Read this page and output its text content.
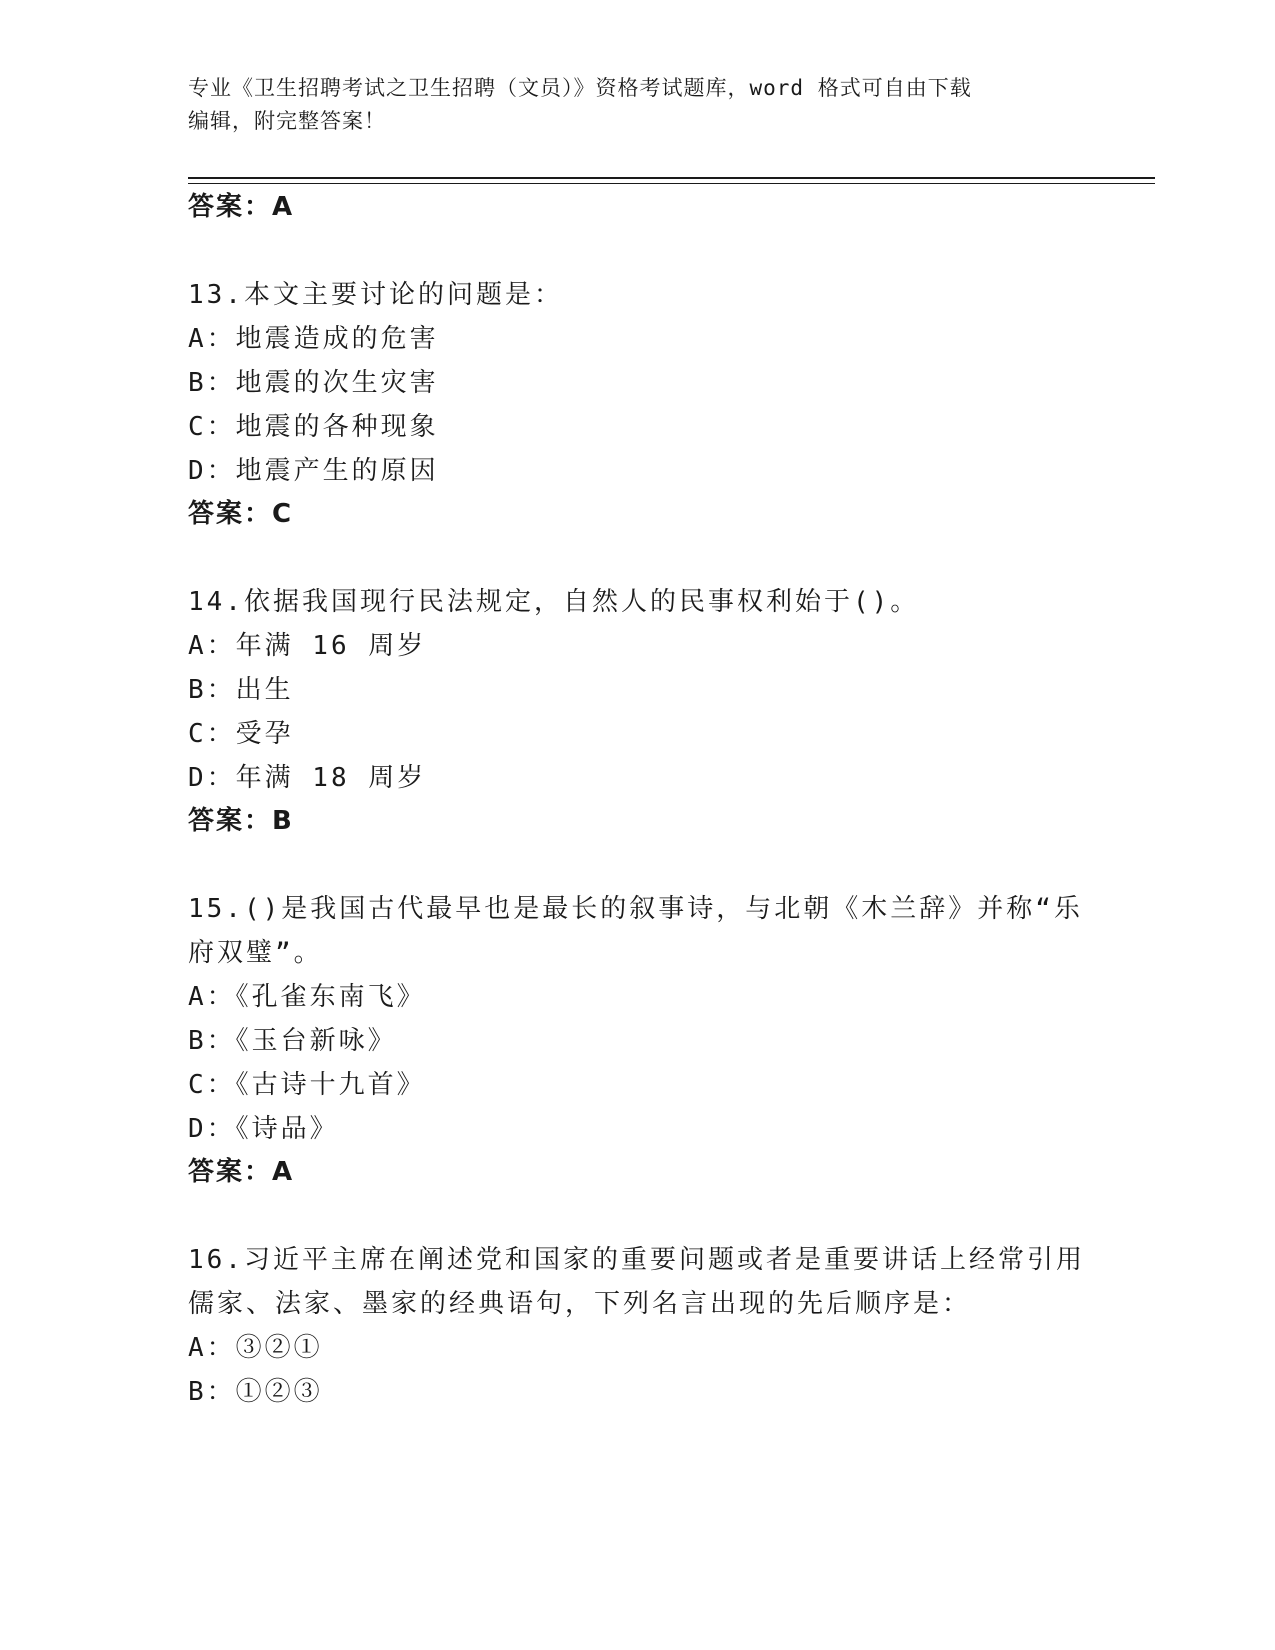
专业《卫生招聘考试之卫生招聘（文员）》资格考试题库，word 格式可自由下载
编辑，附完整答案！
答案：A
13.本文主要讨论的问题是：
A：地震造成的危害
B：地震的次生灾害
C：地震的各种现象
D：地震产生的原因
答案：C
14.依据我国现行民法规定，自然人的民事权利始于()。
A：年满 16 周岁
B：出生
C：受孕
D：年满 18 周岁
答案：B
15.()是我国古代最早也是最长的叙事诗，与北朝《木兰辞》并称“乐
府双璧”。
A：《孔雀东南飞》
B：《玉台新咏》
C：《古诗十九首》
D：《诗品》
答案：A
16.习近平主席在阐述党和国家的重要问题或者是重要讲话上经常引用
儒家、法家、墨家的经典语句，下列名言出现的先后顺序是：
A：③②①
B：①②③
